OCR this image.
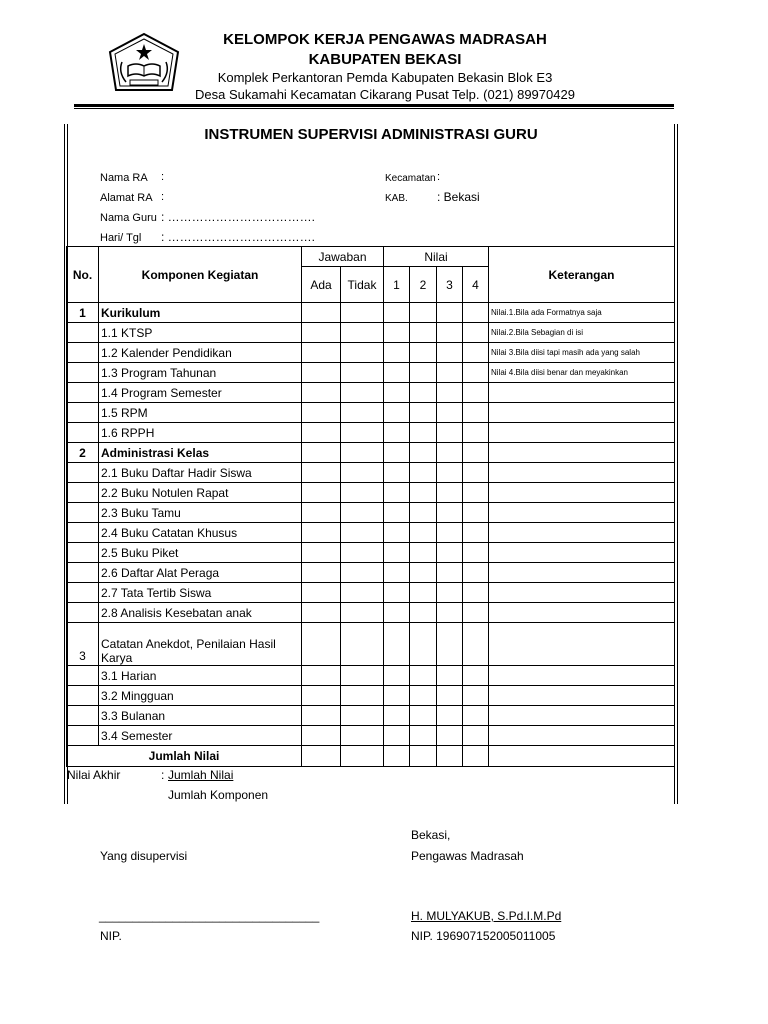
KELOMPOK KERJA PENGAWAS MADRASAH
KABUPATEN BEKASI
Komplek Perkantoran Pemda Kabupaten Bekasin Blok E3
Desa Sukamahi Kecamatan Cikarang Pusat Telp. (021) 89970429
INSTRUMEN SUPERVISI ADMINISTRASI GURU
Nama RA :
Alamat RA :
Nama Guru : ……………………………….
Hari/ Tgl : ……………………………….
Kecamatan :
KAB. : Bekasi
No.	Komponen Kegiatan	Jawaban		Nilai				Keterangan
		Ada	Tidak	1	2	3	4	
1	Kurikulum							Nilai.1.Bila ada Formatnya saja
	1.1 KTSP							Nilai.2.Bila Sebagian di isi
	1.2 Kalender Pendidikan							Nilai 3.Bila diisi tapi masih ada yang salah
	1.3 Program Tahunan							Nilai 4.Bila diisi benar dan meyakinkan
	1.4 Program Semester							
	1.5 RPM							
	1.6 RPPH							
2	Administrasi Kelas							
	2.1 Buku Daftar Hadir Siswa							
	2.2 Buku Notulen Rapat							
	2.3 Buku Tamu							
	2.4 Buku Catatan Khusus							
	2.5 Buku Piket							
	2.6 Daftar Alat Peraga							
	2.7 Tata Tertib Siswa							
	2.8 Analisis Kesebatan anak							
3	Catatan Anekdot, Penilaian Hasil
Karya							

	3.1 Harian							
	3.2 Mingguan							
	3.3 Bulanan							
	3.4 Semester							
Jumlah Nilai								
Nilai Akhir	: Jumlah Nilai
Jumlah Komponen
Bekasi,
Yang disupervisi	Pengawas Madrasah
_________________________________	H. MULYAKUB, S.Pd.I.M.Pd
NIP.	NIP. 196907152005011005
